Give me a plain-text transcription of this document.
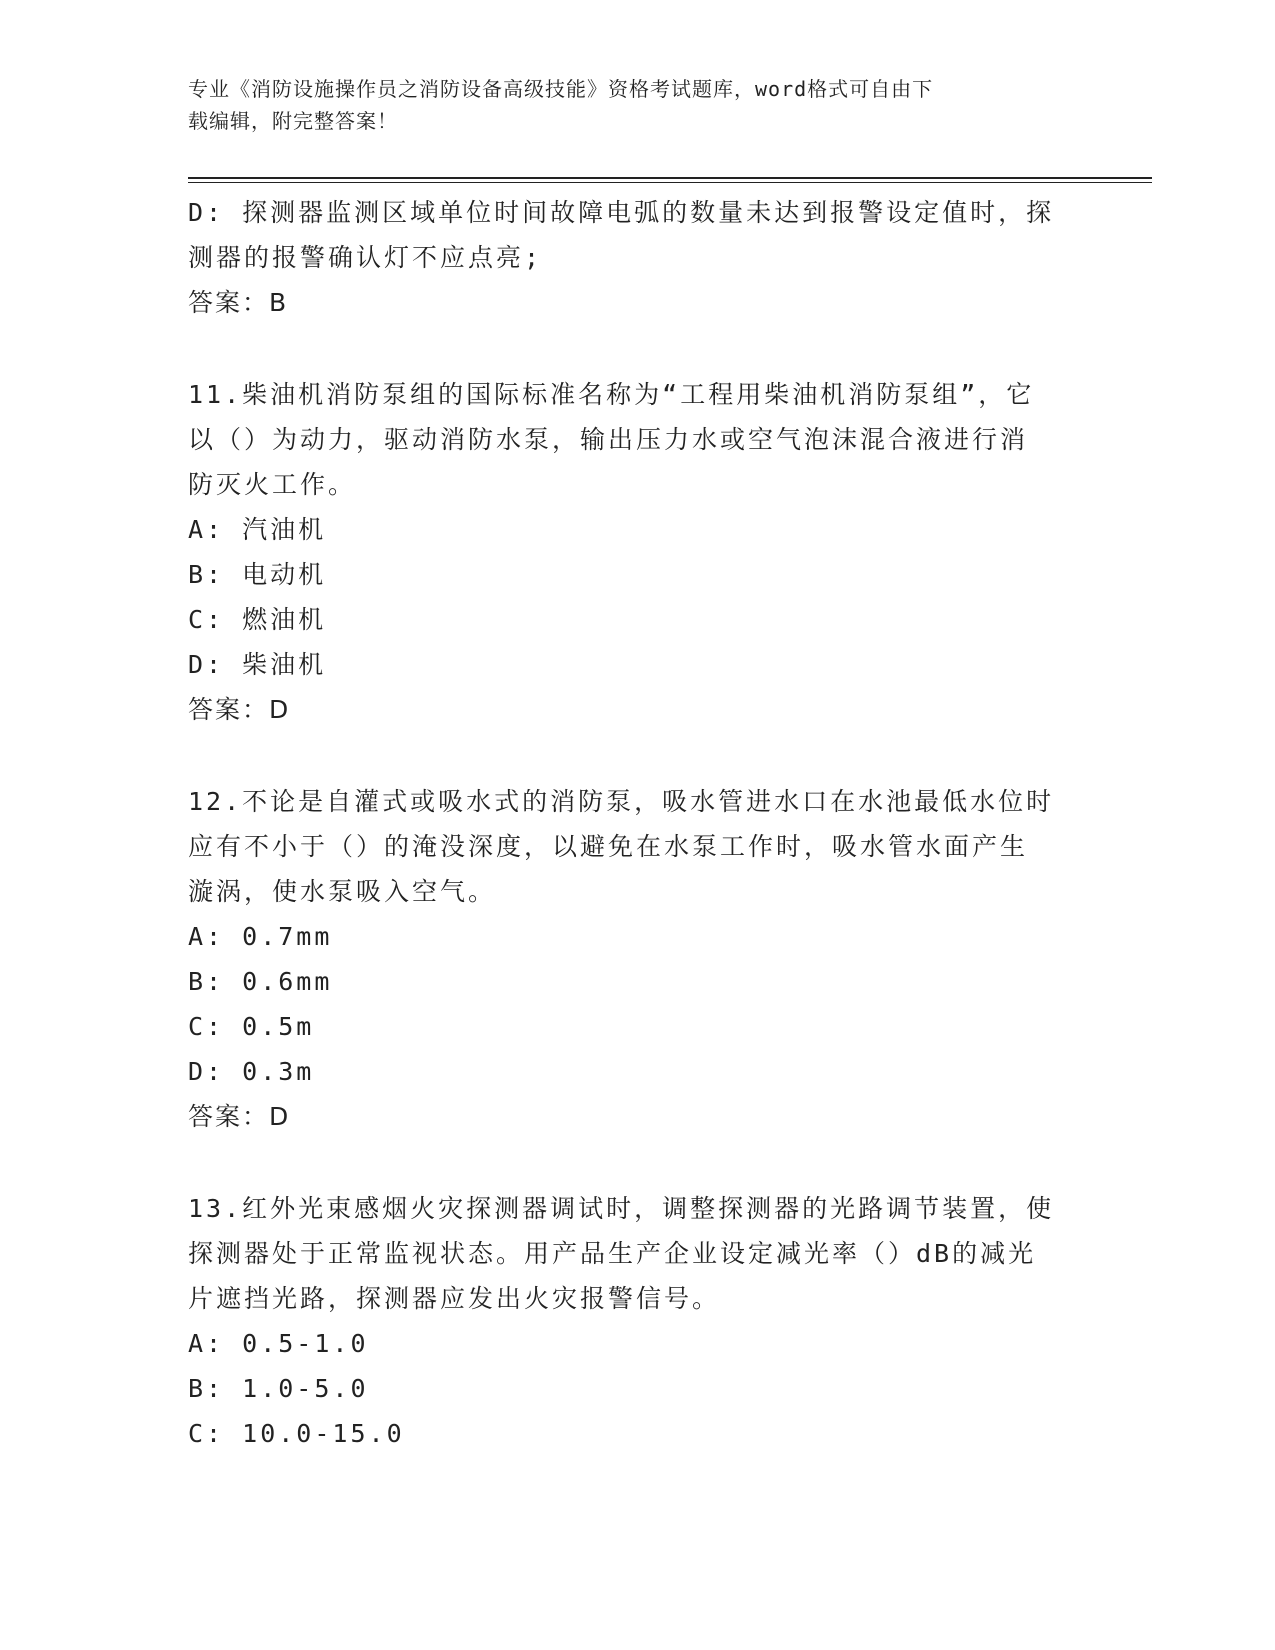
专业《消防设施操作员之消防设备高级技能》资格考试题库，word格式可自由下
载编辑，附完整答案！

D: 探测器监测区域单位时间故障电弧的数量未达到报警设定值时，探

测器的报警确认灯不应点亮;

答案：B

11.柴油机消防泵组的国际标准名称为“工程用柴油机消防泵组”，它

以（）为动力，驱动消防水泵，输出压力水或空气泡沫混合液进行消

防灭火工作。

A: 汽油机

B: 电动机

C: 燃油机

D: 柴油机

答案：D

12.不论是自灌式或吸水式的消防泵，吸水管进水口在水池最低水位时

应有不小于（）的淹没深度，以避免在水泵工作时，吸水管水面产生

漩涡，使水泵吸入空气。

A: 0.7mm

B: 0.6mm

C: 0.5m

D: 0.3m

答案：D

13.红外光束感烟火灾探测器调试时，调整探测器的光路调节装置，使

探测器处于正常监视状态。用产品生产企业设定减光率（）dB的减光

片遮挡光路，探测器应发出火灾报警信号。

A: 0.5-1.0

B: 1.0-5.0

C: 10.0-15.0
